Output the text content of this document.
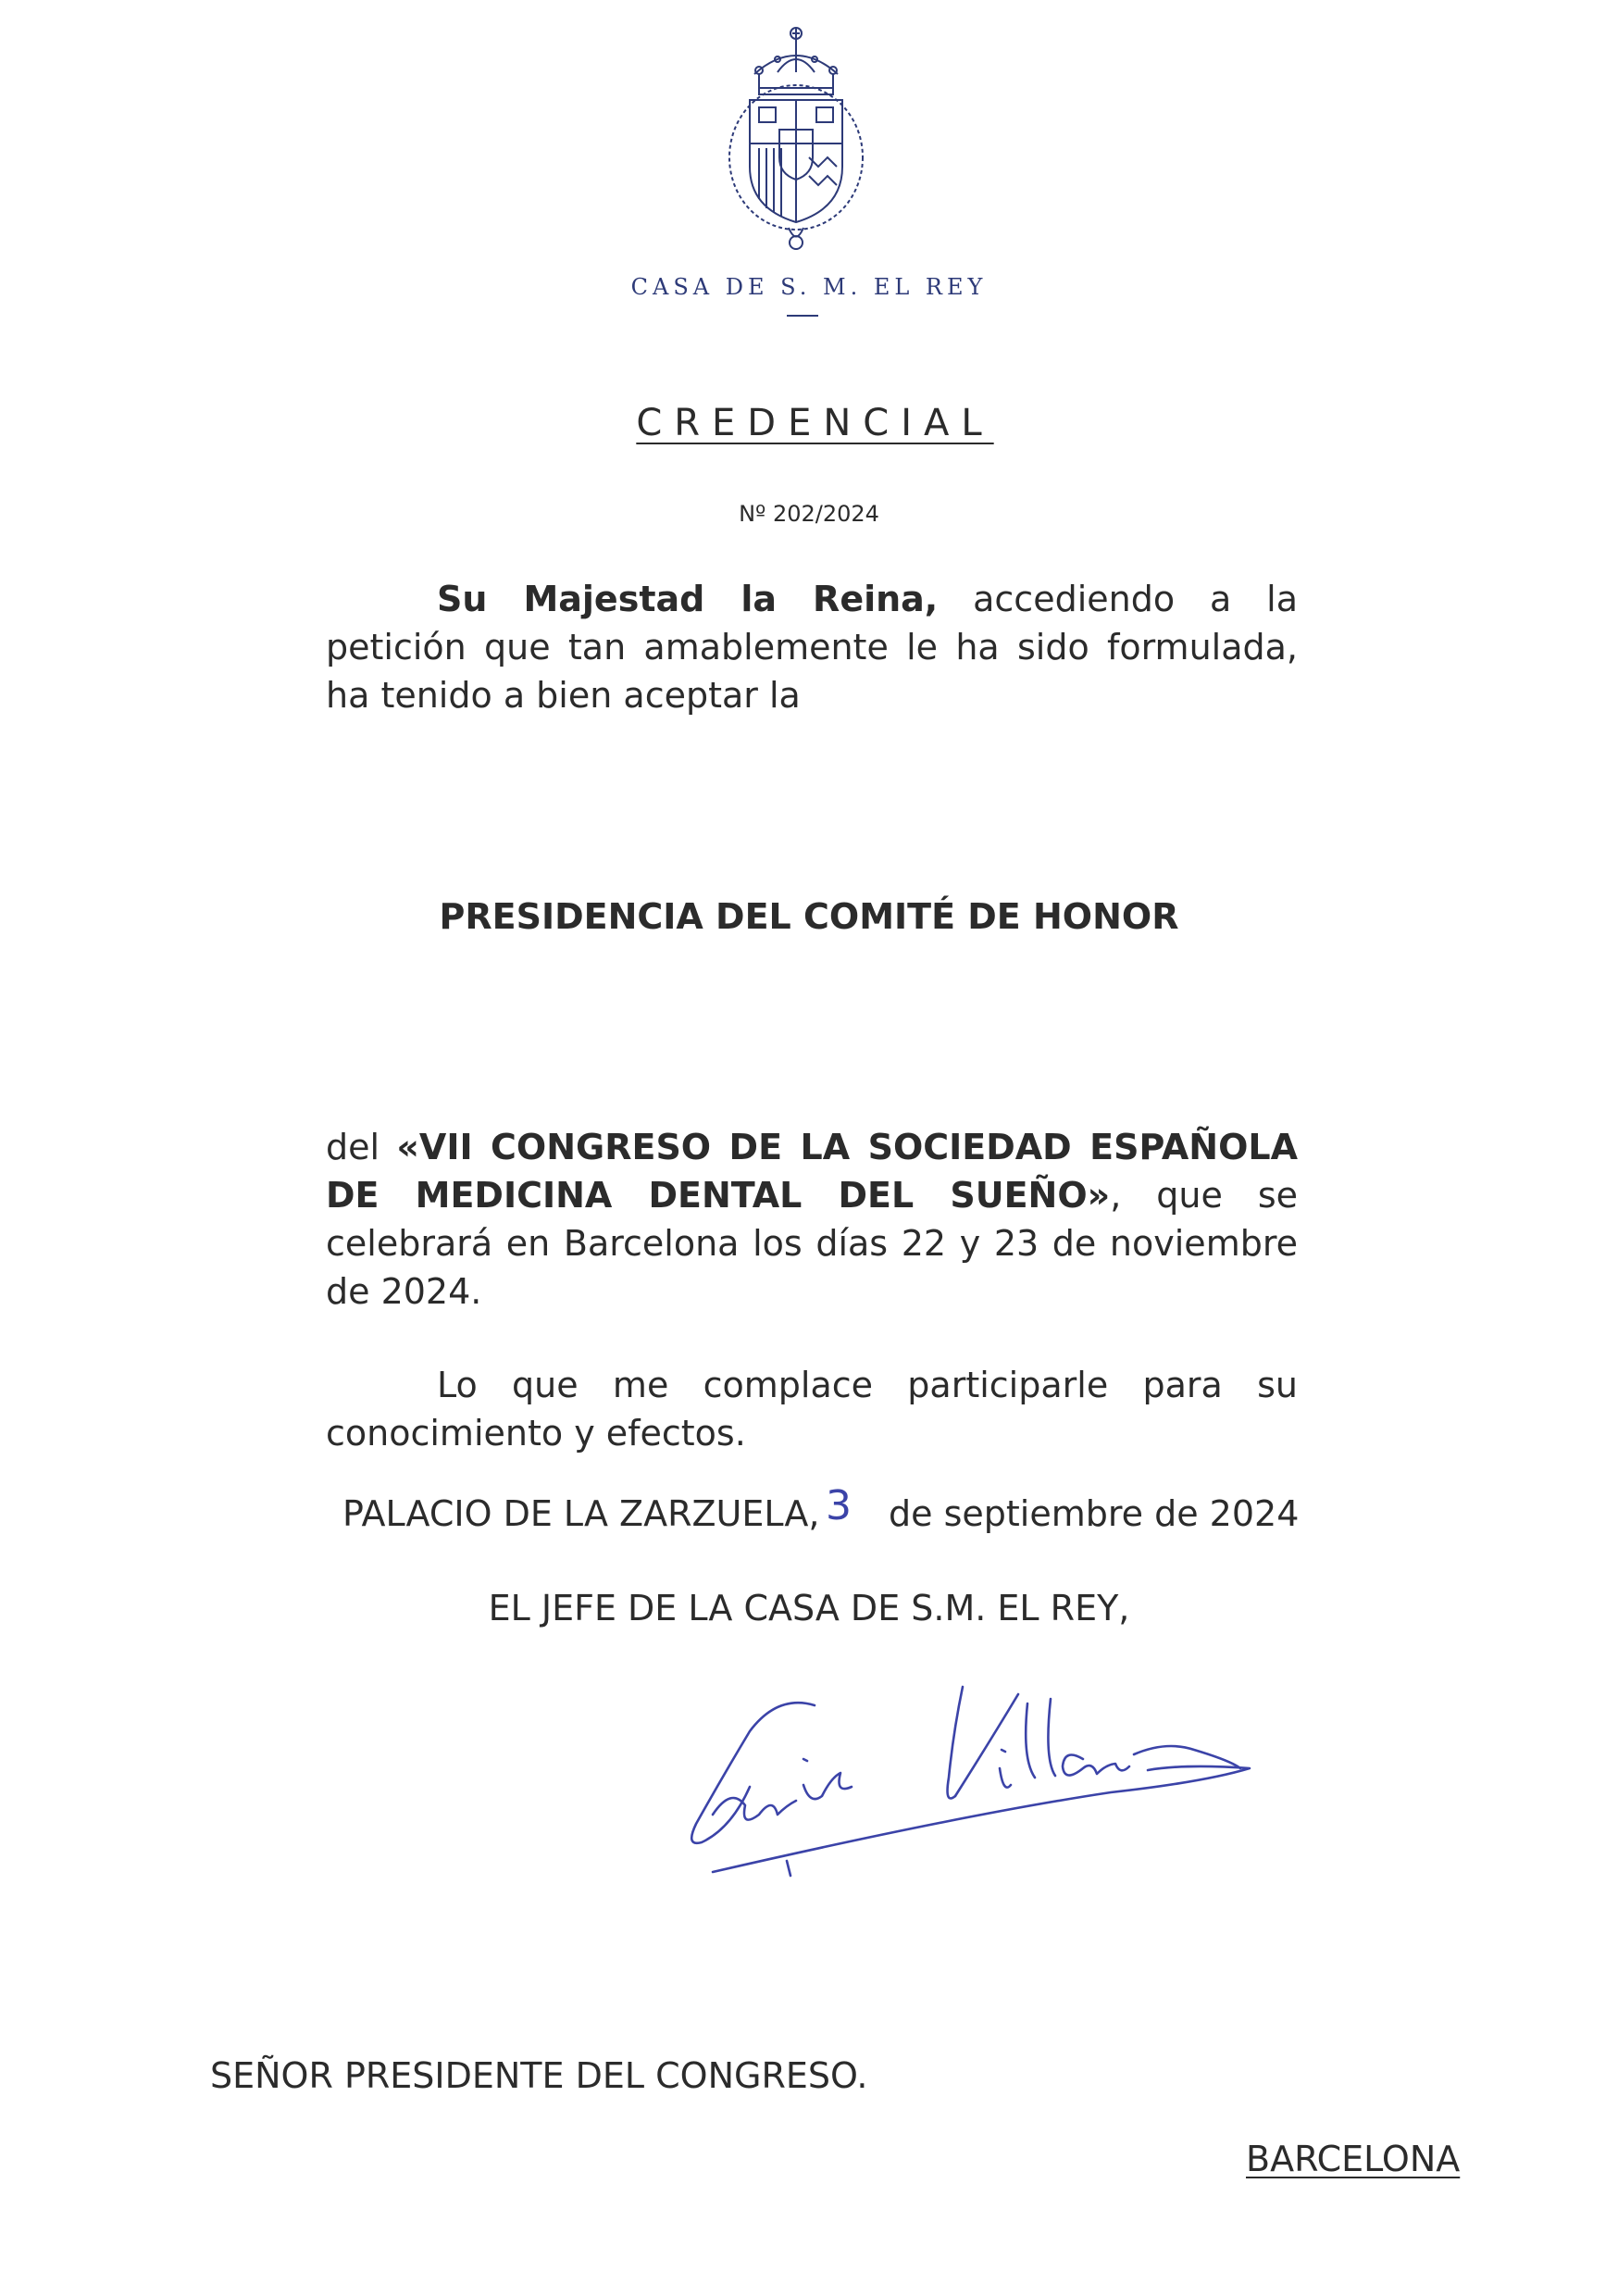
CASA DE S. M. EL REY
CREDENCIAL
Nº 202/2024
Su Majestad la Reina, accediendo a la petición que tan amablemente le ha sido formulada, ha tenido a bien aceptar la
PRESIDENCIA DEL COMITÉ DE HONOR
del «VII CONGRESO DE LA SOCIEDAD ESPAÑOLA DE MEDICINA DENTAL DEL SUEÑO», que se celebrará en Barcelona los días 22 y 23 de noviembre de 2024.
Lo que me complace participarle para su conocimiento y efectos.
PALACIO DE LA ZARZUELA, 3 de septiembre de 2024
EL JEFE DE LA CASA DE S.M. EL REY,
SEÑOR PRESIDENTE DEL CONGRESO.
BARCELONA
